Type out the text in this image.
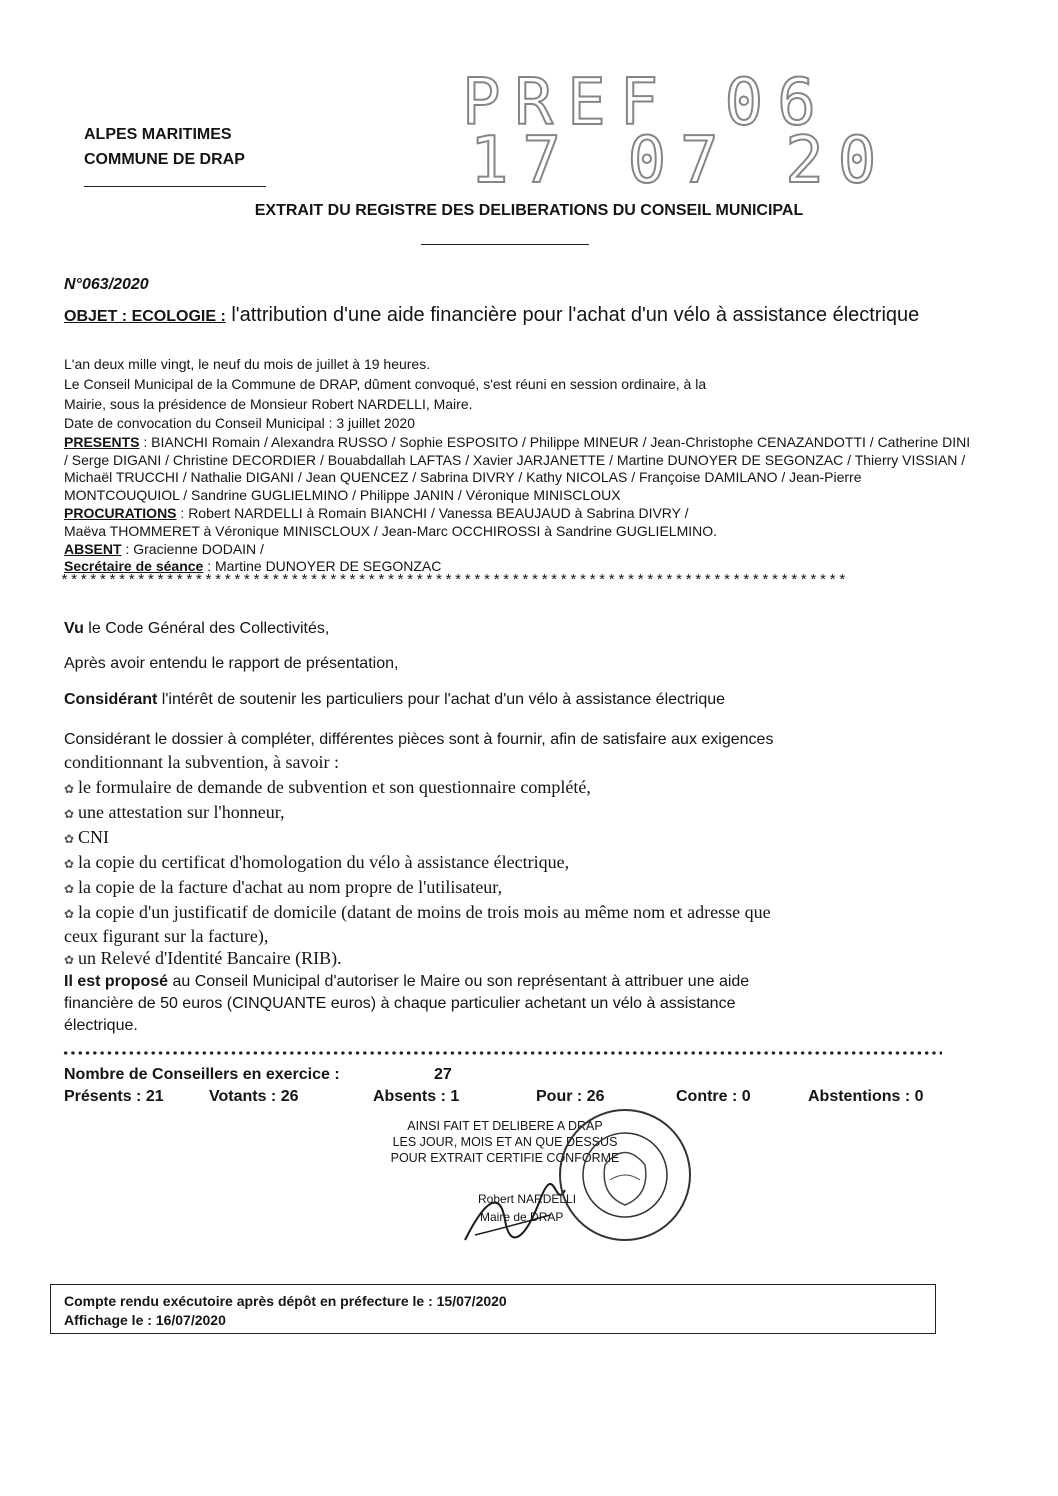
ALPES MARITIMES
COMMUNE DE DRAP
PREF 06
17 07 20
EXTRAIT DU REGISTRE DES DELIBERATIONS DU CONSEIL MUNICIPAL
N°063/2020
OBJET : ECOLOGIE : l'attribution d'une aide financière pour l'achat d'un vélo à assistance électrique
L'an deux mille vingt, le neuf du mois de juillet à 19 heures.
Le Conseil Municipal de la Commune de DRAP, dûment convoqué, s'est réuni en session ordinaire, à la
Mairie, sous la présidence de Monsieur Robert NARDELLI, Maire.
Date de convocation du Conseil Municipal : 3 juillet 2020
PRESENTS : BIANCHI Romain / Alexandra RUSSO / Sophie ESPOSITO / Philippe MINEUR / Jean-Christophe CENAZANDOTTI / Catherine DINI / Serge DIGANI / Christine DECORDIER / Bouabdallah LAFTAS / Xavier JARJANETTE / Martine DUNOYER DE SEGONZAC / Thierry VISSIAN / Michaël TRUCCHI / Nathalie DIGANI / Jean QUENCEZ / Sabrina DIVRY / Kathy NICOLAS / Françoise DAMILANO / Jean-Pierre MONTCOUQUIOL / Sandrine GUGLIELMINO / Philippe JANIN / Véronique MINISCLOUX
PROCURATIONS : Robert NARDELLI à Romain BIANCHI / Vanessa BEAUJAUD à Sabrina DIVRY /
Maëva THOMMERET à Véronique MINISCLOUX / Jean-Marc OCCHIROSSI à Sandrine GUGLIELMINO.
ABSENT : Gracienne DODAIN /
Secrétaire de séance : Martine DUNOYER DE SEGONZAC
**********************************************************************************
Vu le Code Général des Collectivités,
Après avoir entendu le rapport de présentation,
Considérant l'intérêt de soutenir les particuliers pour l'achat d'un vélo à assistance électrique
Considérant le dossier à compléter, différentes pièces sont à fournir, afin de satisfaire aux exigences
conditionnant la subvention, à savoir :
✿ le formulaire de demande de subvention et son questionnaire complété,
✿ une attestation sur l'honneur,
✿ CNI
✿ la copie du certificat d'homologation du vélo à assistance électrique,
✿ la copie de la facture d'achat au nom propre de l'utilisateur,
✿ la copie d'un justificatif de domicile (datant de moins de trois mois au même nom et adresse que
ceux figurant sur la facture),
✿ un Relevé d'Identité Bancaire (RIB).
Il est proposé au Conseil Municipal d'autoriser le Maire ou son représentant à attribuer une aide
financière de 50 euros (CINQUANTE euros) à chaque particulier achetant un vélo à assistance
électrique.
Nombre de Conseillers en exercice :	27
Présents : 21	Votants : 26	Absents : 1	Pour : 26	Contre : 0	Abstentions : 0
AINSI FAIT ET DELIBERE A DRAP
LES JOUR, MOIS ET AN QUE DESSUS
POUR EXTRAIT CERTIFIE CONFORME
Robert NARDELLI
Maire de DRAP
Compte rendu exécutoire après dépôt en préfecture le : 15/07/2020
Affichage le : 16/07/2020
